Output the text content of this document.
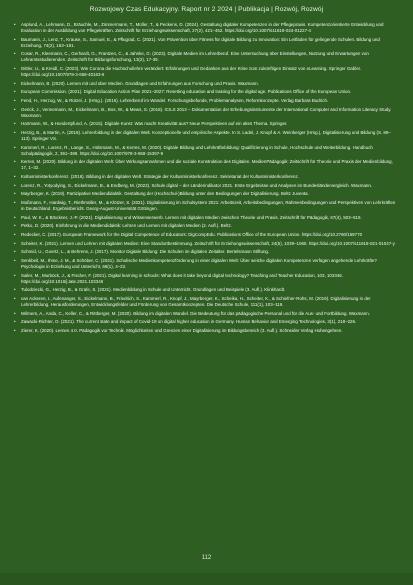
Rozwojowy Czas Edukacyjny. Raport nr 2 2024 | Publikacja | Rozwój, Rozwój
• Asplund, A., Lehmann, D., Bräuchle, M., Zimmermann, T., Müller, T., & Peckens, D. (2024). Gestaltung digitaler Kompetenzen in der Pflegepraxis. Kompetenzorientierte Entwicklung und Evaluation in der Ausbildung von Pflegekräften. Zeitschrift für Erziehungswissenschaft, 27(2), 421–452. https://doi.org/10.1007/s11618-024-01227-4
• Baumann, J., Lenz, T., Krause, S., Samuel, E., & Pflugrad, C. (2021). Von Prävention über Fitness für digitale Bildung zu Innovation: Ein Leitfaden für gelingende Schulen. Bildung und Erziehung, 74(2), 163–181.
• Cosar, R., Kleemann, C., Gerhardt, G., Frantzen, C., & Jahnke, G. (2023). Digitale Medien im Lehrerberuf. Eine Untersuchung über Einstellungen, Nutzung und Erwartungen von Lehramtsstudierenden. Zeitschrift für Bildungsforschung, 13(2), 17-39.
• Dittler, U., & Kreidl, C. (2023). Wie Corona die Hochschullehre verändert: Erfahrungen und Gedanken aus der Krise zum zukünftigen Einsatz von eLearning. Springer Gabler. https://doi.org/10.1007/978-3-658-40163-6
• Eickelmann, B. (2020). Lernen mit und über Medien. Grundlagen und Erfahrungen aus Forschung und Praxis. Waxmann.
• European Commission. (2021). Digital Education Action Plan 2021–2027: Resetting education and training for the digital age. Publications Office of the European Union.
• Fend, H., Herzog, W., & Rützel, J. (Hrsg.). (2016). Lehrerberuf im Wandel. Forschungsbefunde, Problemanalysen, Reformkonzepte. Verlag Barbara Budrich.
• Gerick, J., Vennemann, M., Eickelmann, B., Bos, W., & Mews, S. (2018). ICILS 2013 – Dokumentation der Erhebungsinstrumente der International Computer and Information Literacy Study. Waxmann.
• Hartmann, W., & Hundertpfund, A. (2015). Digitale Kunst: Was macht Kreativität aus? Neue Perspektiven auf ein altes Thema. Springer.
• Herzig, B., & Martin, A. (2018). Lehrerbildung in der digitalen Welt. Konzeptionelle und empirische Aspekte. In S. Ladel, J. Knopf & A. Weinberger (Hrsg.), Digitalisierung und Bildung (S. 89–113). Springer VS.
• Kammerl, R., Lorenz, R., Lange, S., Hülsmann, M., & Kerres, M. (2020). Digitale Bildung und Lehrkräftebildung: Qualifizierung in Schule, Hochschule und Weiterbildung. Handbuch Schulpädagogik, 2, 361–389. https://doi.org/10.1007/978-3-658-15397-9
• Kerres, M. (2020). Bildung in der digitalen Welt: Über Wirkungsannahmen und die soziale Konstruktion des Digitalen. MedienPädagogik: Zeitschrift für Theorie und Praxis der Medienbildung, 17, 1–32.
• Kultusministerkonferenz. (2016). Bildung in der digitalen Welt. Strategie der Kultusministerkonferenz. Sekretariat der Kultusministerkonferenz.
• Lorenz, R., Yotyodying, S., Eickelmann, B., & Endberg, M. (2022). Schule digital – der Länderindikator 2021. Erste Ergebnisse und Analysen im Bundesländervergleich. Waxmann.
• Mayrberger, K. (2019). Partizipative Mediendidaktik. Gestaltung der (Hochschul-)Bildung unter den Bedingungen der Digitalisierung. Beltz Juventa.
• Mußmann, F., Hardwig, T., Riethmüller, M., & Klötzer, S. (2021). Digitalisierung im Schulsystem 2021: Arbeitszeit, Arbeitsbedingungen, Rahmenbedingungen und Perspektiven von Lehrkräften in Deutschland. Ergebnisbericht. Georg-August-Universität Göttingen.
• Paul, W. K., & Brückner, J.-P. (2021). Digitalisierung und Wissenserwerb. Lernen mit digitalen Medien zwischen Theorie und Praxis. Zeitschrift für Pädagogik, 67(4), 503–519.
• Petko, D. (2020). Einführung in die Mediendidaktik: Lehren und Lernen mit digitalen Medien (2. Aufl.). Beltz.
• Redecker, C. (2017). European Framework for the Digital Competence of Educators: DigCompEdu. Publications Office of the European Union. https://doi.org/10.2760/159770
• Scheiter, K. (2021). Lernen und Lehren mit digitalen Medien: Eine Standortbestimmung. Zeitschrift für Erziehungswissenschaft, 24(5), 1039–1060. https://doi.org/10.1007/s11618-021-01047-y
• Schmid, U., Goertz, L., & Behrens, J. (2017). Monitor Digitale Bildung: Die Schulen im digitalen Zeitalter. Bertelsmann Stiftung.
• Senkbeil, M., Ihme, J. M., & Schöber, C. (2021). Schulische Medienkompetenzförderung in einer digitalen Welt: Über welche digitalen Kompetenzen verfügen angehende Lehrkräfte? Psychologie in Erziehung und Unterricht, 68(1), 4–22.
• Sailer, M., Murböck, J., & Fischer, F. (2021). Digital learning in schools: What does it take beyond digital technology? Teaching and Teacher Education, 103, 103346. https://doi.org/10.1016/j.tate.2021.103346
• Tulodziecki, G., Herzig, B., & Grafe, S. (2021). Medienbildung in Schule und Unterricht. Grundlagen und Beispiele (3. Aufl.). Klinkhardt.
• van Ackeren, I., Aufenanger, S., Eickelmann, B., Friedrich, S., Kammerl, R., Knopf, J., Mayrberger, K., Scheika, H., Scheiter, K., & Schiefner-Rohs, M. (2019). Digitalisierung in der Lehrerbildung. Herausforderungen, Entwicklungsfelder und Förderung von Gesamtkonzepten. Die Deutsche Schule, 111(1), 103–119.
• Wilmers, A., Anda, C., Keller, C., & Rittberger, M. (2020). Bildung im digitalen Wandel. Die Bedeutung für das pädagogische Personal und für die Aus- und Fortbildung. Waxmann.
• Zawacki-Richter, O. (2021). The current state and impact of Covid-19 on digital higher education in Germany. Human Behavior and Emerging Technologies, 3(1), 218–226.
• Zierer, K. (2020). Lernen 4.0. Pädagogik vor Technik. Möglichkeiten und Grenzen einer Digitalisierung im Bildungsbereich (3. Aufl.). Schneider Verlag Hohengehren.
112
